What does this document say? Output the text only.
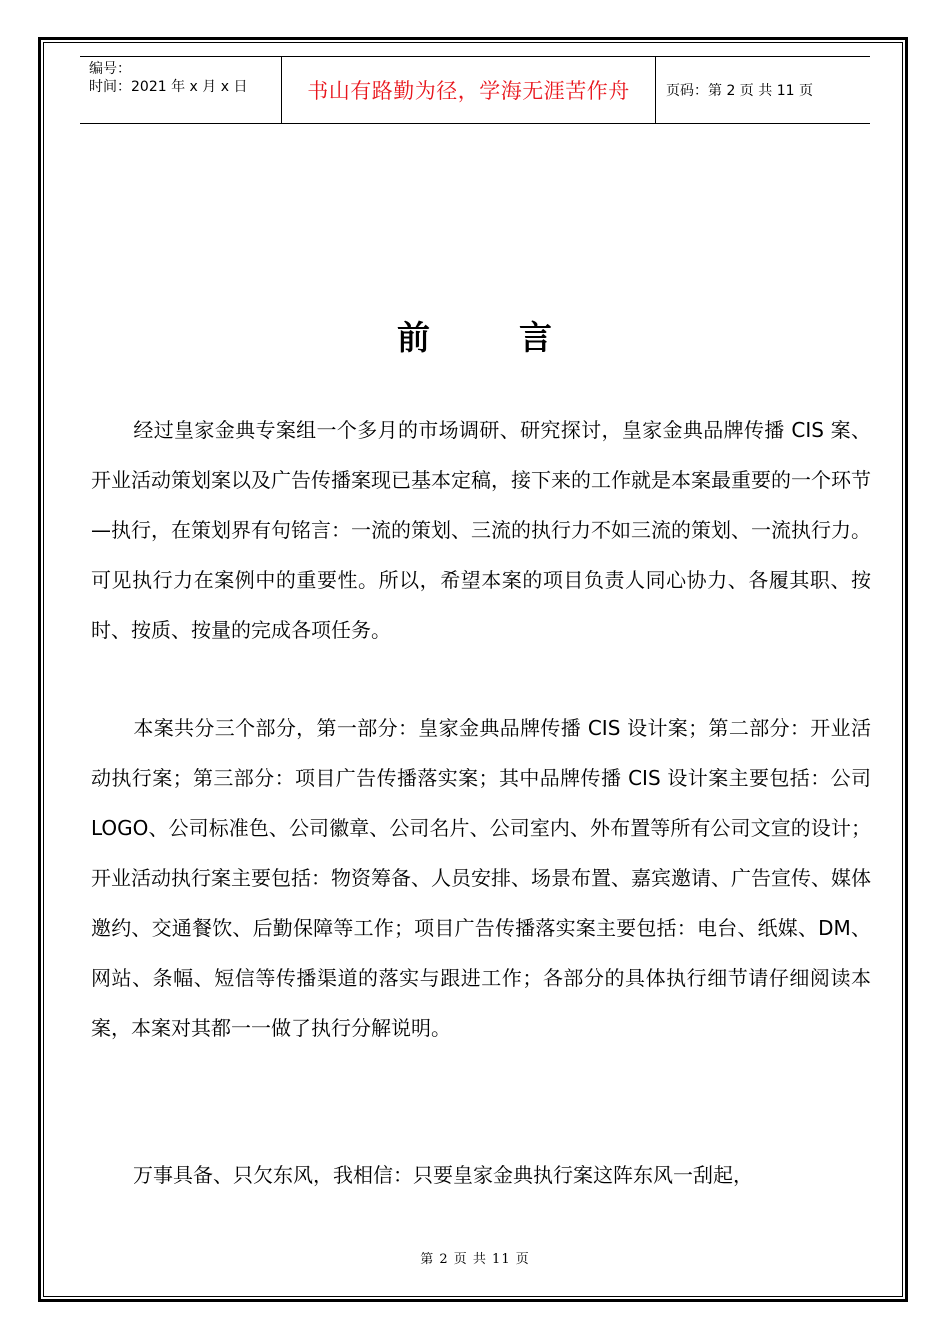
编号：
时间：2021 年 x 月 x 日	书山有路勤为径，学海无涯苦作舟	页码：第 2 页 共 11 页
前	言
经过皇家金典专案组一个多月的市场调研、研究探讨，皇家金典品牌传播 CIS 案、开业活动策划案以及广告传播案现已基本定稿，接下来的工作就是本案最重要的一个环节—执行，在策划界有句铭言：一流的策划、三流的执行力不如三流的策划、一流执行力。可见执行力在案例中的重要性。所以，希望本案的项目负责人同心协力、各履其职、按时、按质、按量的完成各项任务。
本案共分三个部分，第一部分：皇家金典品牌传播 CIS 设计案；第二部分：开业活动执行案；第三部分：项目广告传播落实案；其中品牌传播 CIS 设计案主要包括：公司 LOGO、公司标准色、公司徽章、公司名片、公司室内、外布置等所有公司文宣的设计；开业活动执行案主要包括：物资筹备、人员安排、场景布置、嘉宾邀请、广告宣传、媒体邀约、交通餐饮、后勤保障等工作；项目广告传播落实案主要包括：电台、纸媒、DM、网站、条幅、短信等传播渠道的落实与跟进工作；各部分的具体执行细节请仔细阅读本案，本案对其都一一做了执行分解说明。
万事具备、只欠东风，我相信：只要皇家金典执行案这阵东风一刮起，
第 2 页 共 11 页
